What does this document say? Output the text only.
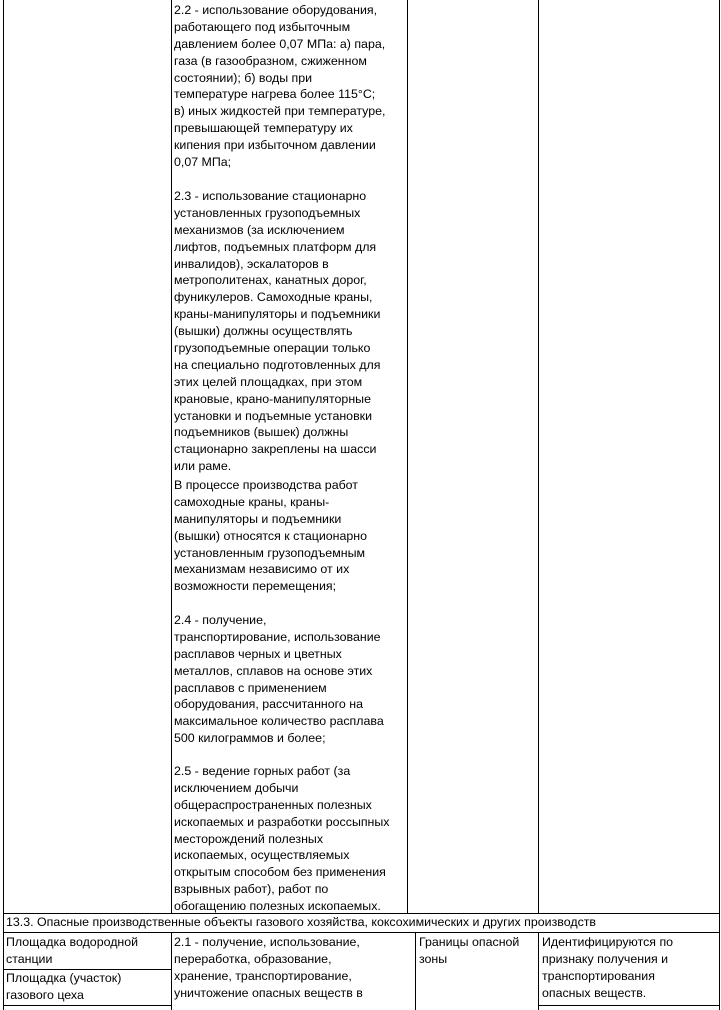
2.2 - использование оборудования,
работающего под избыточным
давлением более 0,07 МПа: а) пара,
газа (в газообразном, сжиженном
состоянии); б) воды при
температуре нагрева более 115°С;
в) иных жидкостей при температуре,
превышающей температуру их
кипения при избыточном давлении
0,07 МПа;
2.3 - использование стационарно
установленных грузоподъемных
механизмов (за исключением
лифтов, подъемных платформ для
инвалидов), эскалаторов в
метрополитенах, канатных дорог,
фуникулеров. Самоходные краны,
краны-манипуляторы и подъемники
(вышки) должны осуществлять
грузоподъемные операции только
на специально подготовленных для
этих целей площадках, при этом
крановые, крано-манипуляторные
установки и подъемные установки
подъемников (вышек) должны
стационарно закреплены на шасси
или раме.
В процессе производства работ
самоходные краны, краны-
манипуляторы и подъемники
(вышки) относятся к стационарно
установленным грузоподъемным
механизмам независимо от их
возможности перемещения;
2.4 - получение,
транспортирование, использование
расплавов черных и цветных
металлов, сплавов на основе этих
расплавов с применением
оборудования, рассчитанного на
максимальное количество расплава
500 килограммов и более;
2.5 - ведение горных работ (за
исключением добычи
общераспространенных полезных
ископаемых и разработки россыпных
месторождений полезных
ископаемых, осуществляемых
открытым способом без применения
взрывных работ), работ по
обогащению полезных ископаемых.
13.3. Опасные производственные объекты газового хозяйства, коксохимических и других производств
Площадка водородной
станции
Площадка (участок)
газового цеха
2.1 - получение, использование,
переработка, образование,
хранение, транспортирование,
уничтожение опасных веществ в
Границы опасной
зоны
Идентифицируются по
признаку получения и
транспортирования
опасных веществ.
